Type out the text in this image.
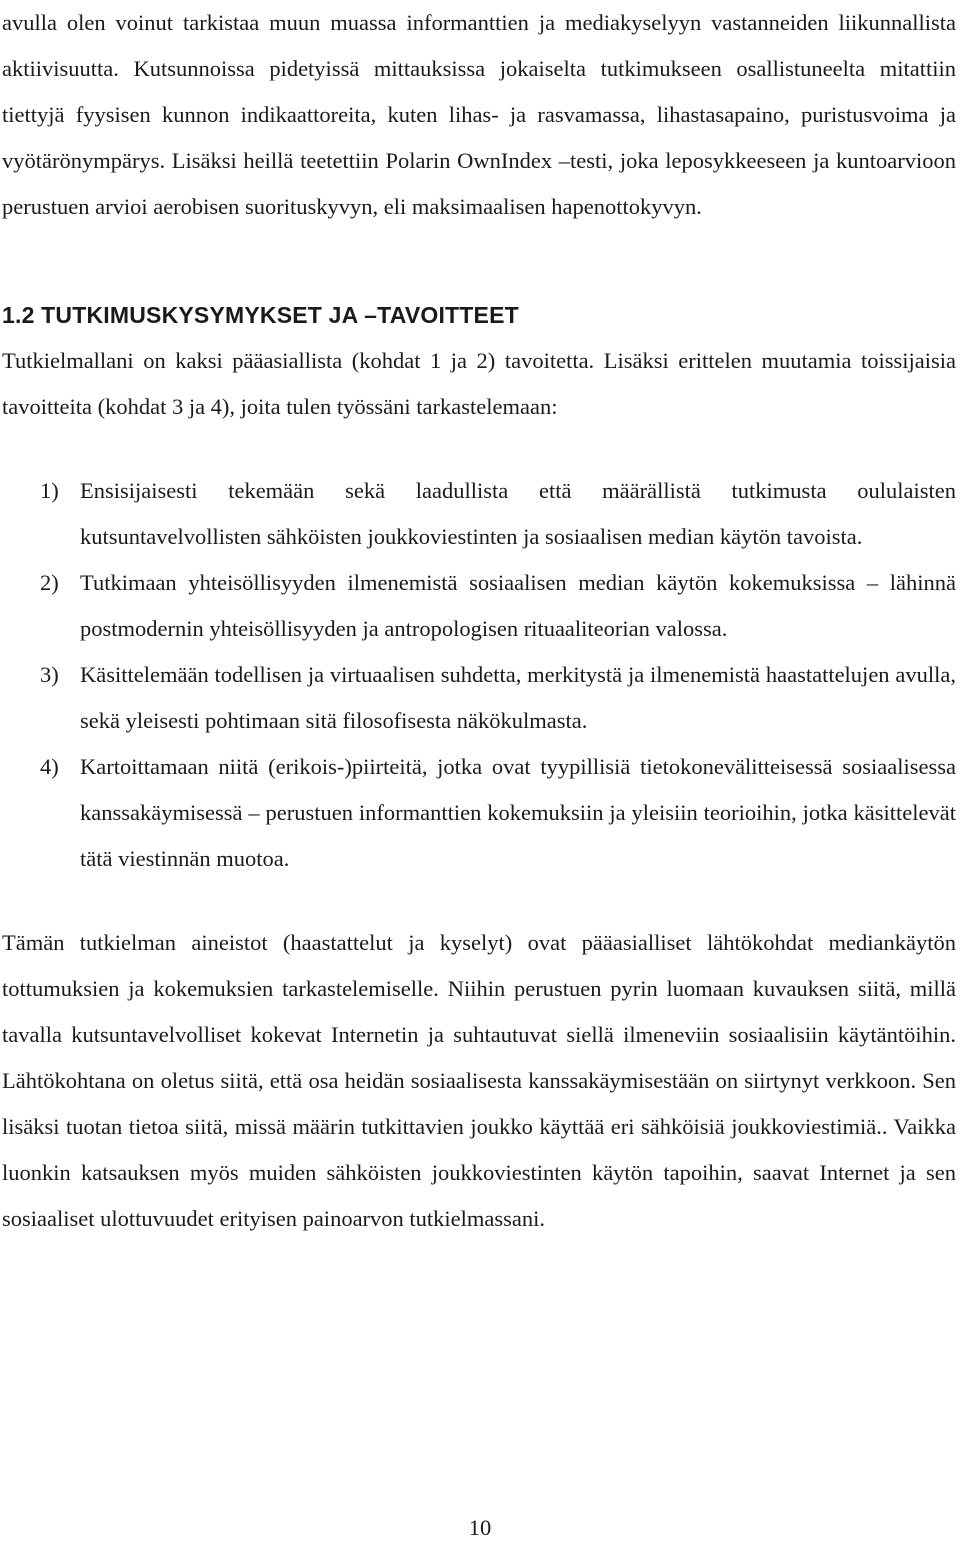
avulla olen voinut tarkistaa muun muassa informanttien ja mediakyselyyn vastanneiden liikunnallista aktiivisuutta. Kutsunnoissa pidetyissä mittauksissa jokaiselta tutkimukseen osallistuneelta mitattiin tiettyjä fyysisen kunnon indikaattoreita, kuten lihas- ja rasvamassa, lihastasapaino, puristusvoima ja vyötärönympärys. Lisäksi heillä teetettiin Polarin OwnIndex –testi, joka leposykkeeseen ja kuntoarvioon perustuen arvioi aerobisen suorituskyvyn, eli maksimaalisen hapenottokyvyn.

1.2 TUTKIMUSKYSYMYKSET JA –TAVOITTEET

Tutkielmallani on kaksi pääasiallista (kohdat 1 ja 2) tavoitetta. Lisäksi erittelen muutamia toissijaisia tavoitteita (kohdat 3 ja 4), joita tulen työssäni tarkastelemaan:

1) Ensisijaisesti tekemään sekä laadullista että määrällistä tutkimusta oululaisten kutsuntavelvollisten sähköisten joukkoviestinten ja sosiaalisen median käytön tavoista.
2) Tutkimaan yhteisöllisyyden ilmenemistä sosiaalisen median käytön kokemuksissa – lähinnä postmodernin yhteisöllisyyden ja antropologisen rituaaliteorian valossa.
3) Käsittelemään todellisen ja virtuaalisen suhdetta, merkitystä ja ilmenemistä haastattelujen avulla, sekä yleisesti pohtimaan sitä filosofisesta näkökulmasta.
4) Kartoittamaan niitä (erikois-)piirteitä, jotka ovat tyypillisiä tietokonevälitteisessä sosiaalisessa kanssakäymisessä – perustuen informanttien kokemuksiin ja yleisiin teorioihin, jotka käsittelevät tätä viestinnän muotoa.

Tämän tutkielman aineistot (haastattelut ja kyselyt) ovat pääasialliset lähtökohdat mediankäytön tottumuksien ja kokemuksien tarkastelemiselle. Niihin perustuen pyrin luomaan kuvauksen siitä, millä tavalla kutsuntavelvolliset kokevat Internetin ja suhtautuvat siellä ilmeneviin sosiaalisiin käytäntöihin. Lähtökohtana on oletus siitä, että osa heidän sosiaalisesta kanssakäymisestään on siirtynyt verkkoon. Sen lisäksi tuotan tietoa siitä, missä määrin tutkittavien joukko käyttää eri sähköisiä joukkoviestimiä.. Vaikka luonkin katsauksen myös muiden sähköisten joukkoviestinten käytön tapoihin, saavat Internet ja sen sosiaaliset ulottuvuudet erityisen painoarvon tutkielmassani.

10
